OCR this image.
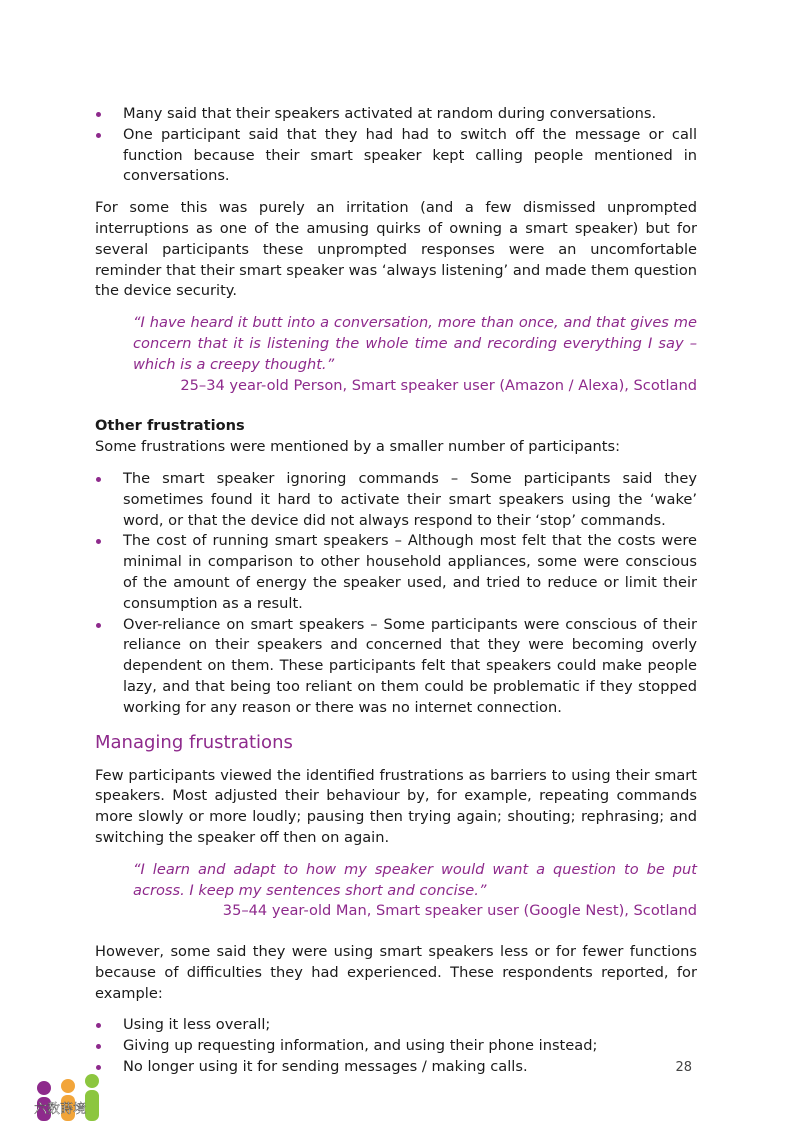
Many said that their speakers activated at random during conversations.
One participant said that they had had to switch off the message or call function because their smart speaker kept calling people mentioned in conversations.

For some this was purely an irritation (and a few dismissed unprompted interruptions as one of the amusing quirks of owning a smart speaker) but for several participants these unprompted responses were an uncomfortable reminder that their smart speaker was ‘always listening’ and made them question the device security.

“I have heard it butt into a conversation, more than once, and that gives me concern that it is listening the whole time and recording everything I say – which is a creepy thought.”
25–34 year-old Person, Smart speaker user (Amazon / Alexa), Scotland
Other frustrations

Some frustrations were mentioned by a smaller number of participants:

The smart speaker ignoring commands – Some participants said they sometimes found it hard to activate their smart speakers using the ‘wake’ word, or that the device did not always respond to their ‘stop’ commands.
The cost of running smart speakers – Although most felt that the costs were minimal in comparison to other household appliances, some were conscious of the amount of energy the speaker used, and tried to reduce or limit their consumption as a result.
Over-reliance on smart speakers – Some participants were conscious of their reliance on their speakers and concerned that they were becoming overly dependent on them. These participants felt that speakers could make people lazy, and that being too reliant on them could be problematic if they stopped working for any reason or there was no internet connection.
Managing frustrations

Few participants viewed the identified frustrations as barriers to using their smart speakers. Most adjusted their behaviour by, for example, repeating commands more slowly or more loudly; pausing then trying again; shouting; rephrasing; and switching the speaker off then on again.

“I learn and adapt to how my speaker would want a question to be put across. I keep my sentences short and concise.”
35–44 year-old Man, Smart speaker user (Google Nest), Scotland

However, some said they were using smart speakers less or for fewer functions because of difficulties they had experienced. These respondents reported, for example:

Using it less overall;
Giving up requesting information, and using their phone instead;
No longer using it for sending messages / making calls.	28
六数蒔境
